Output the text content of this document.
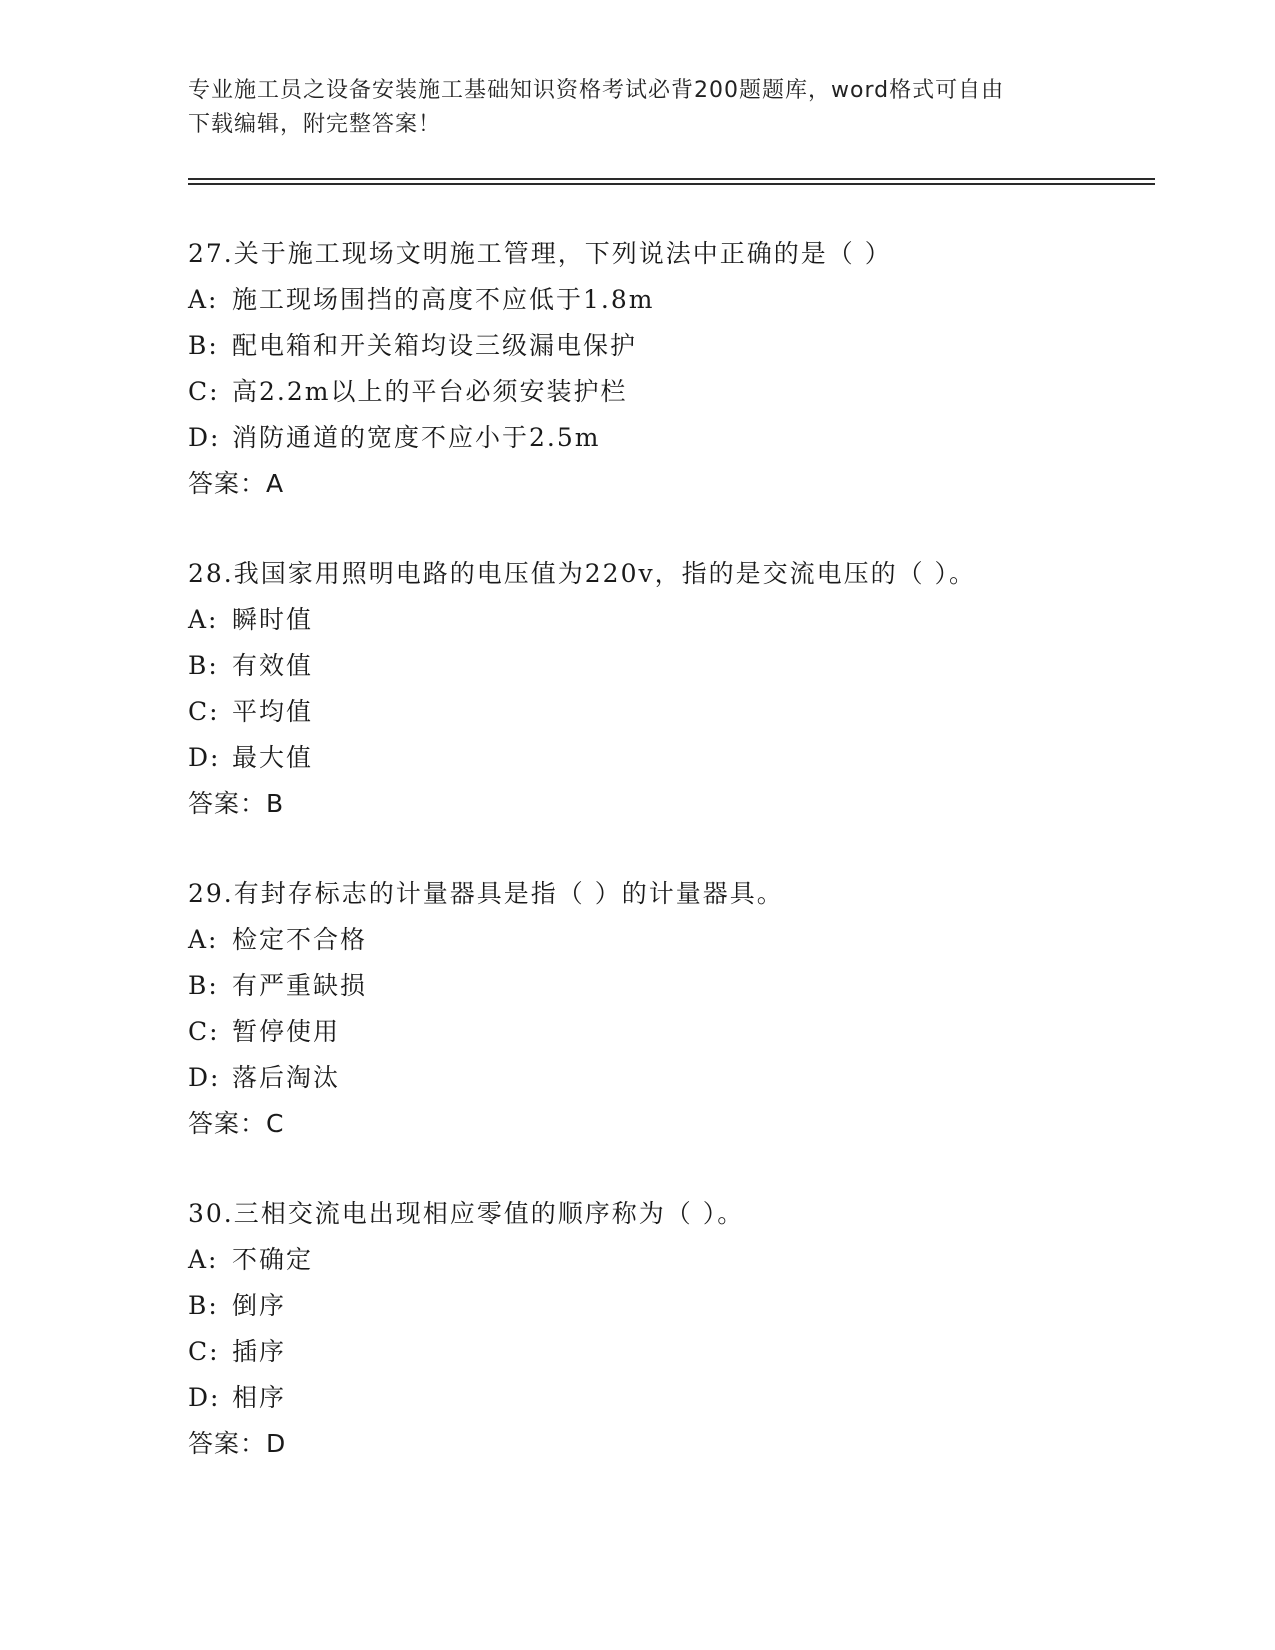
专业施工员之设备安装施工基础知识资格考试必背200题题库，word格式可自由
下载编辑，附完整答案！
27.关于施工现场文明施工管理，下列说法中正确的是（ ）
A: 施工现场围挡的高度不应低于1.8m
B: 配电箱和开关箱均设三级漏电保护
C: 高2.2m以上的平台必须安装护栏
D: 消防通道的宽度不应小于2.5m
答案：A
28.我国家用照明电路的电压值为220v，指的是交流电压的（ ）。
A: 瞬时值
B: 有效值
C: 平均值
D: 最大值
答案：B
29.有封存标志的计量器具是指（ ）的计量器具。
A: 检定不合格
B: 有严重缺损
C: 暂停使用
D: 落后淘汰
答案：C
30.三相交流电出现相应零值的顺序称为（ ）。
A: 不确定
B: 倒序
C: 插序
D: 相序
答案：D
